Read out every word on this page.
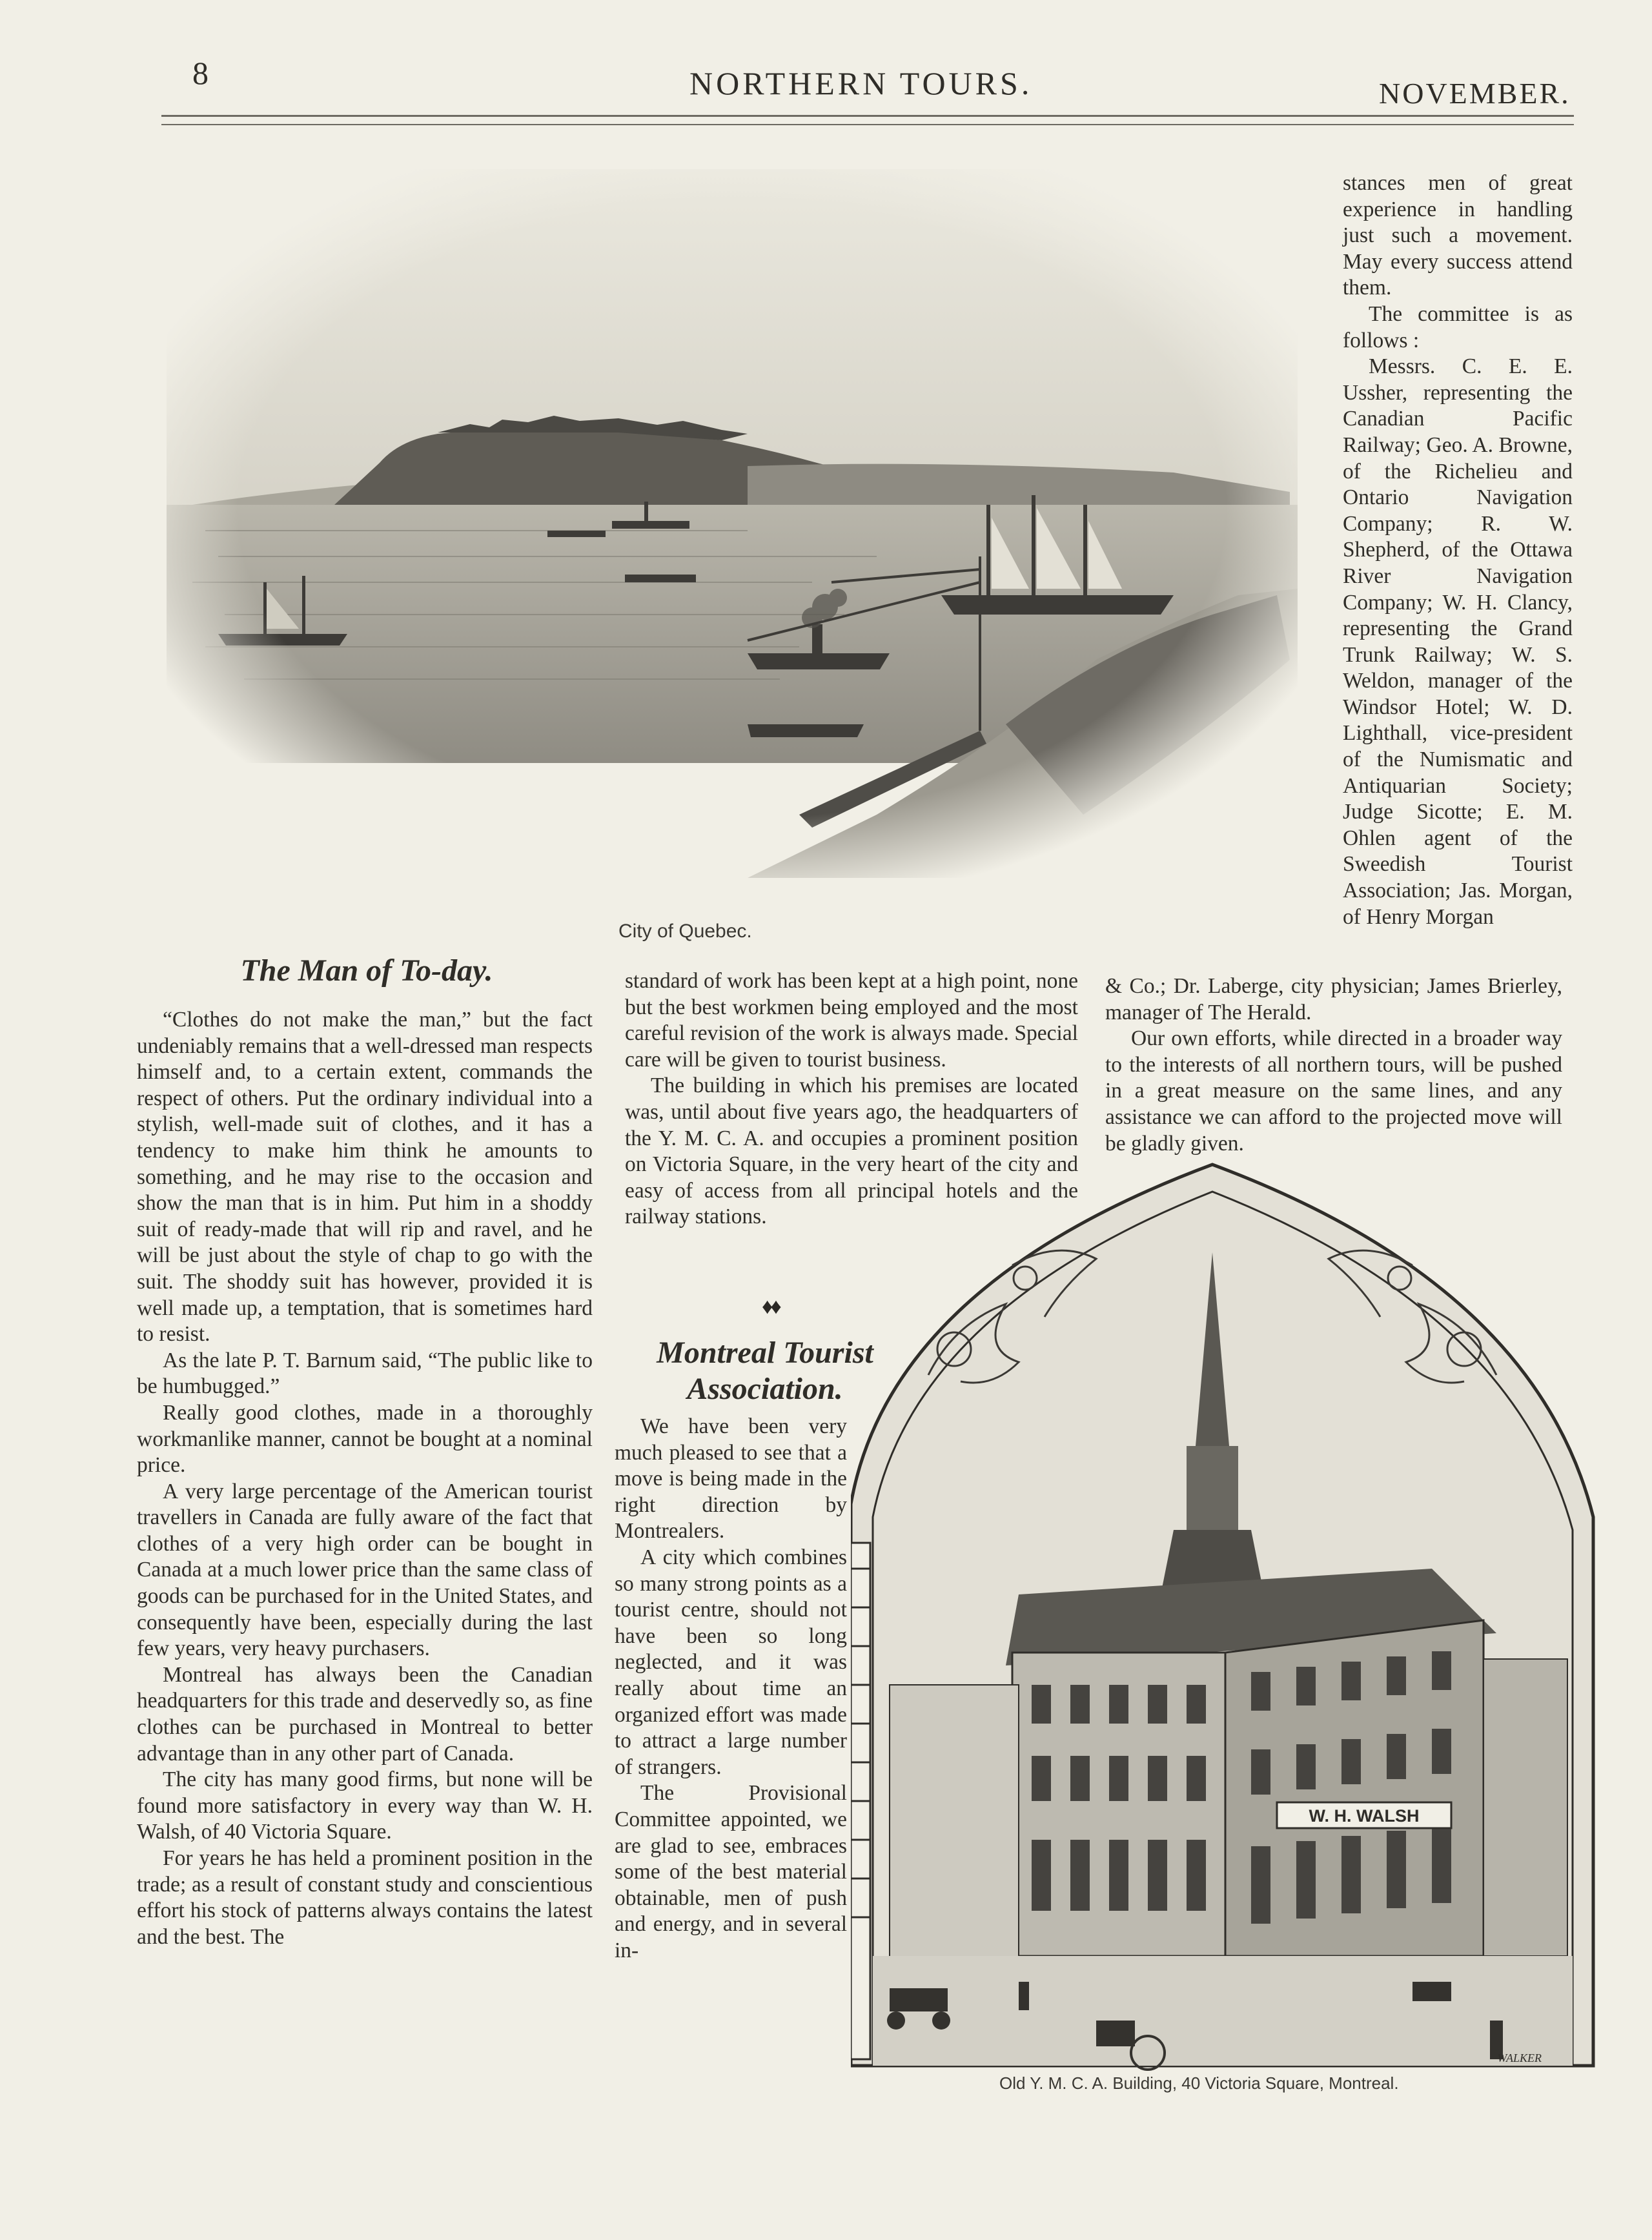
8	NORTHERN TOURS.	NOVEMBER.
City of Quebec.
The Man of To-day.

“Clothes do not make the man,” but the fact undeniably remains that a well-dressed man respects himself and, to a certain extent, commands the respect of others. Put the ordinary individual into a stylish, well-made suit of clothes, and it has a tendency to make him think he amounts to something, and he may rise to the occasion and show the man that is in him. Put him in a shoddy suit of ready-made that will rip and ravel, and he will be just about the style of chap to go with the suit. The shoddy suit has however, provided it is well made up, a temptation, that is sometimes hard to resist.

As the late P. T. Barnum said, “The public like to be humbugged.”

Really good clothes, made in a thoroughly workmanlike manner, cannot be bought at a nominal price.

A very large percentage of the American tourist travellers in Canada are fully aware of the fact that clothes of a very high order can be bought in Canada at a much lower price than the same class of goods can be purchased for in the United States, and consequently have been, especially during the last few years, very heavy purchasers.

Montreal has always been the Canadian headquarters for this trade and deservedly so, as fine clothes can be purchased in Montreal to better advantage than in any other part of Canada.

The city has many good firms, but none will be found more satisfactory in every way than W. H. Walsh, of 40 Victoria Square.

For years he has held a prominent position in the trade; as a result of constant study and conscientious effort his stock of patterns always contains the latest and the best. The

standard of work has been kept at a high point, none but the best workmen being employed and the most careful revision of the work is always made. Special care will be given to tourist business.

The building in which his premises are located was, until about five years ago, the headquarters of the Y. M. C. A. and occupies a prominent position on Victoria Square, in the very heart of the city and easy of access from all principal hotels and the railway stations.

♦♦
Montreal Tourist
Association.

We have been very much pleased to see that a move is being made in the right direction by Montrealers.

A city which combines so many strong points as a tourist centre, should not have been so long neglected, and it was really about time an organized effort was made to attract a large number of strangers.

The Provisional Committee appointed, we are glad to see, embraces some of the best material obtainable, men of push and energy, and in several in-

stances men of great experience in handling just such a movement. May every success attend them.

The committee is as follows :

Messrs. C. E. E. Ussher, representing the Canadian Pacific Railway; Geo. A. Browne, of the Richelieu and Ontario Navigation Company; R. W. Shepherd, of the Ottawa River Navigation Company; W. H. Clancy, representing the Grand Trunk Railway; W. S. Weldon, manager of the Windsor Hotel; W. D. Lighthall, vice-president of the Numismatic and Antiquarian Society; Judge Sicotte; E. M. Ohlen agent of the Sweedish Tourist Association; Jas. Morgan, of Henry Morgan

& Co.; Dr. Laberge, city physician; James Brierley, manager of The Herald.

Our own efforts, while directed in a broader way to the interests of all northern tours, will be pushed in a great measure on the same lines, and any assistance we can afford to the projected move will be gladly given.

W. H. WALSH
WALKER
Old Y. M. C. A. Building, 40 Victoria Square, Montreal.
